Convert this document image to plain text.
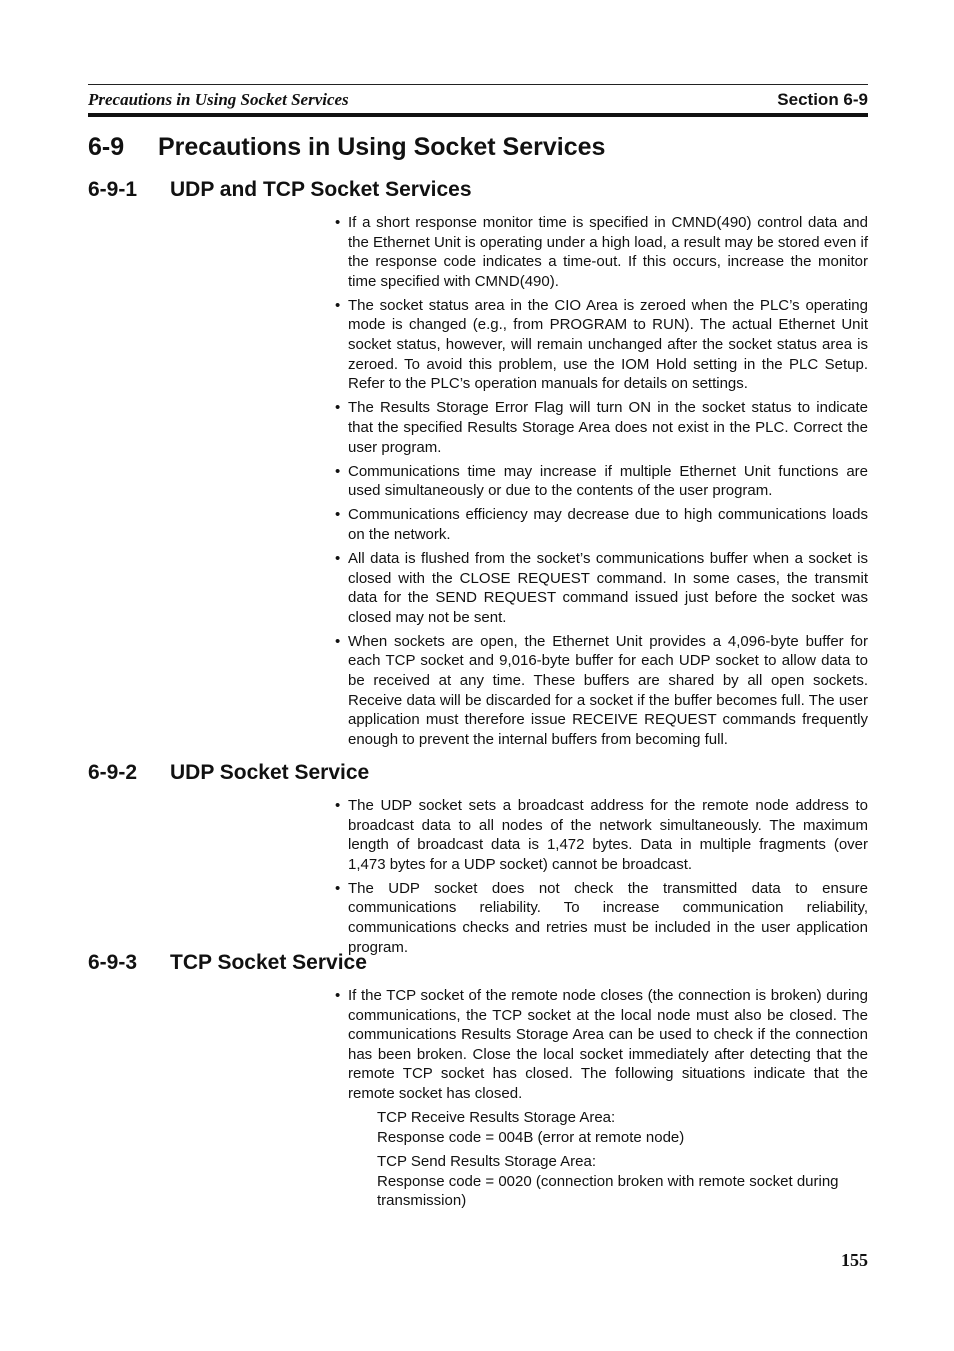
Precautions in Using Socket Services	Section 6-9
6-9 Precautions in Using Socket Services
6-9-1 UDP and TCP Socket Services
• If a short response monitor time is specified in CMND(490) control data and the Ethernet Unit is operating under a high load, a result may be stored even if the response code indicates a time-out. If this occurs, increase the monitor time specified with CMND(490).
• The socket status area in the CIO Area is zeroed when the PLC’s operating mode is changed (e.g., from PROGRAM to RUN). The actual Ethernet Unit socket status, however, will remain unchanged after the socket status area is zeroed. To avoid this problem, use the IOM Hold setting in the PLC Setup. Refer to the PLC’s operation manuals for details on settings.
• The Results Storage Error Flag will turn ON in the socket status to indicate that the specified Results Storage Area does not exist in the PLC. Correct the user program.
• Communications time may increase if multiple Ethernet Unit functions are used simultaneously or due to the contents of the user program.
• Communications efficiency may decrease due to high communications loads on the network.
• All data is flushed from the socket’s communications buffer when a socket is closed with the CLOSE REQUEST command. In some cases, the transmit data for the SEND REQUEST command issued just before the socket was closed may not be sent.
• When sockets are open, the Ethernet Unit provides a 4,096-byte buffer for each TCP socket and 9,016-byte buffer for each UDP socket to allow data to be received at any time. These buffers are shared by all open sockets. Receive data will be discarded for a socket if the buffer becomes full. The user application must therefore issue RECEIVE REQUEST commands frequently enough to prevent the internal buffers from becoming full.
6-9-2 UDP Socket Service
• The UDP socket sets a broadcast address for the remote node address to broadcast data to all nodes of the network simultaneously. The maximum length of broadcast data is 1,472 bytes. Data in multiple fragments (over 1,473 bytes for a UDP socket) cannot be broadcast.
• The UDP socket does not check the transmitted data to ensure communications reliability. To increase communication reliability, communications checks and retries must be included in the user application program.
6-9-3 TCP Socket Service
• If the TCP socket of the remote node closes (the connection is broken) during communications, the TCP socket at the local node must also be closed. The communications Results Storage Area can be used to check if the connection has been broken. Close the local socket immediately after detecting that the remote TCP socket has closed. The following situations indicate that the remote socket has closed.

TCP Receive Results Storage Area:
Response code = 004B (error at remote node)

TCP Send Results Storage Area:
Response code = 0020 (connection broken with remote socket during transmission)

155
